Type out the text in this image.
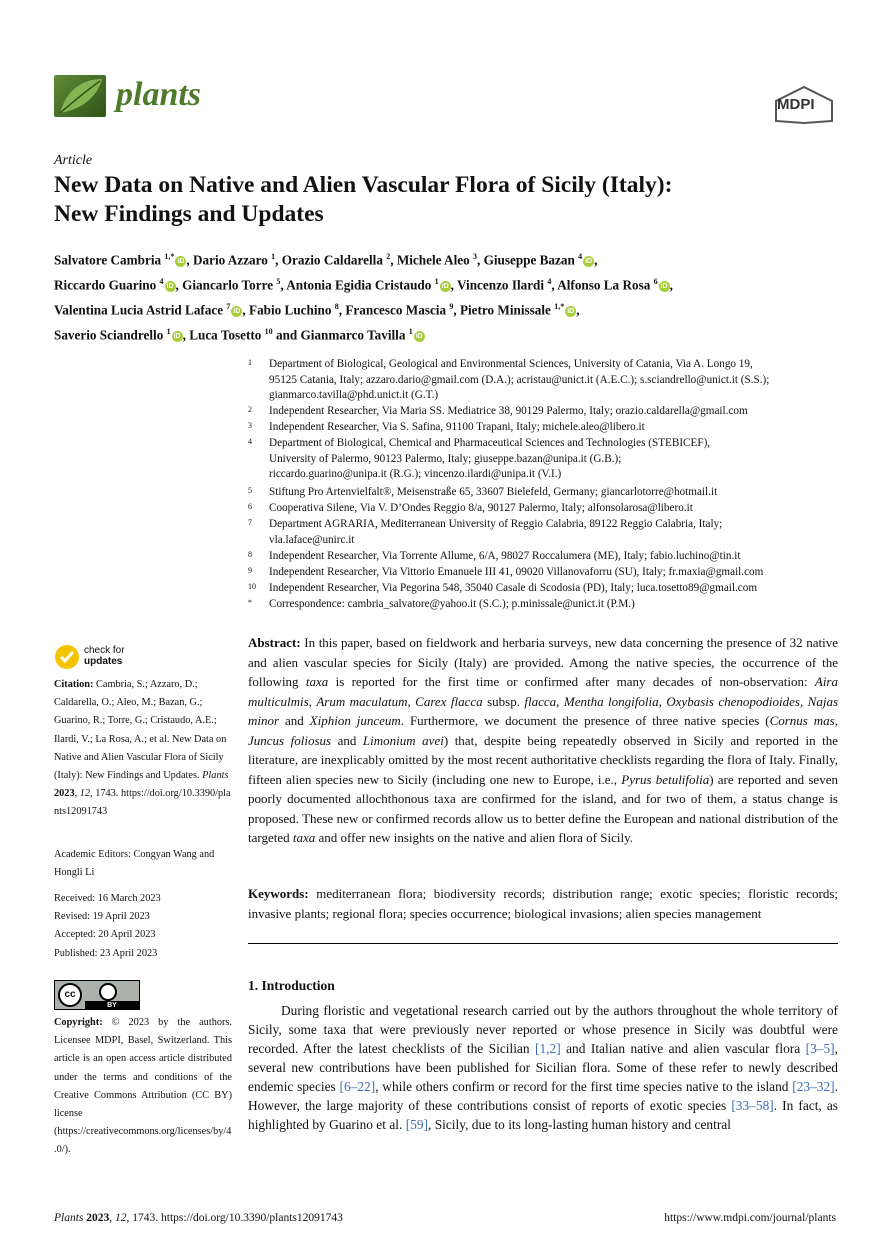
plants	MDPI
Article
New Data on Native and Alien Vascular Flora of Sicily (Italy):
New Findings and Updates
Salvatore Cambria $^{1,*}$iD , Dario Azzaro $^1$, Orazio Caldarella $^2$, Michele Aleo $^3$, Giuseppe Bazan $^4$iD ,
Riccardo Guarino $^4$iD , Giancarlo Torre $^5$, Antonia Egidia Cristaudo $^1$iD , Vincenzo Ilardi $^4$, Alfonso La Rosa $^6$iD ,
Valentina Lucia Astrid Laface $^7$iD , Fabio Luchino $^8$, Francesco Mascia $^9$, Pietro Minissale $^{1,*}$iD ,
Saverio Sciandrello $^1$iD , Luca Tosetto $^{10}$ and Gianmarco Tavilla $^1$iD
1 Department of Biological, Geological and Environmental Sciences, University of Catania, Via A. Longo 19,
95125 Catania, Italy; azzaro.dario@gmail.com (D.A.); acristau@unict.it (A.E.C.); s.sciandrello@unict.it (S.S.);
gianmarco.tavilla@phd.unict.it (G.T.)
2 Independent Researcher, Via Maria SS. Mediatrice 38, 90129 Palermo, Italy; orazio.caldarella@gmail.com
3 Independent Researcher, Via S. Safina, 91100 Trapani, Italy; michele.aleo@libero.it
4 Department of Biological, Chemical and Pharmaceutical Sciences and Technologies (STEBICEF),
University of Palermo, 90123 Palermo, Italy; giuseppe.bazan@unipa.it (G.B.);
riccardo.guarino@unipa.it (R.G.); vincenzo.ilardi@unipa.it (V.I.)
5 Stiftung Pro Artenvielfalt®, Meisenstraße 65, 33607 Bielefeld, Germany; giancarlotorre@hotmail.it
6 Cooperativa Silene, Via V. D’Ondes Reggio 8/a, 90127 Palermo, Italy; alfonsolarosa@libero.it
7 Department AGRARIA, Mediterranean University of Reggio Calabria, 89122 Reggio Calabria, Italy;
vla.laface@unirc.it
8 Independent Researcher, Via Torrente Allume, 6/A, 98027 Roccalumera (ME), Italy; fabio.luchino@tin.it
9 Independent Researcher, Via Vittorio Emanuele III 41, 09020 Villanovaforru (SU), Italy; fr.maxia@gmail.com
10 Independent Researcher, Via Pegorina 548, 35040 Casale di Scodosia (PD), Italy; luca.tosetto89@gmail.com
* Correspondence: cambria_salvatore@yahoo.it (S.C.); p.minissale@unict.it (P.M.)
check for
updates
Citation: Cambria, S.; Azzaro, D.; Caldarella, O.; Aleo, M.; Bazan, G.; Guarino, R.; Torre, G.; Cristaudo, A.E.; Ilardi, V.; La Rosa, A.; et al. New Data on Native and Alien Vascular Flora of Sicily (Italy): New Findings and Updates. Plants 2023, 12, 1743. https://doi.org/10.3390/plants12091743
Academic Editors: Congyan Wang and Hongli Li
Received: 16 March 2023
Revised: 19 April 2023
Accepted: 20 April 2023
Published: 23 April 2023
cc
BY
Copyright: © 2023 by the authors. Licensee MDPI, Basel, Switzerland. This article is an open access article distributed under the terms and conditions of the Creative Commons Attribution (CC BY) license (https://creativecommons.org/licenses/by/4.0/).
Abstract: In this paper, based on fieldwork and herbaria surveys, new data concerning the presence of 32 native and alien vascular species for Sicily (Italy) are provided. Among the native species, the occurrence of the following taxa is reported for the first time or confirmed after many decades of non-observation: Aira multiculmis, Arum maculatum, Carex flacca subsp. flacca, Mentha longifolia, Oxybasis chenopodioides, Najas minor and Xiphion junceum. Furthermore, we document the presence of three native species (Cornus mas, Juncus foliosus and Limonium avei) that, despite being repeatedly observed in Sicily and reported in the literature, are inexplicably omitted by the most recent authoritative checklists regarding the flora of Italy. Finally, fifteen alien species new to Sicily (including one new to Europe, i.e., Pyrus betulifolia) are reported and seven poorly documented allochthonous taxa are confirmed for the island, and for two of them, a status change is proposed. These new or confirmed records allow us to better define the European and national distribution of the targeted taxa and offer new insights on the native and alien flora of Sicily.
Keywords: mediterranean flora; biodiversity records; distribution range; exotic species; floristic records; invasive plants; regional flora; species occurrence; biological invasions; alien species management
1. Introduction
During floristic and vegetational research carried out by the authors throughout the whole territory of Sicily, some taxa that were previously never reported or whose presence in Sicily was doubtful were recorded. After the latest checklists of the Sicilian [1,2] and Italian native and alien vascular flora [3–5], several new contributions have been published for Sicilian flora. Some of these refer to newly described endemic species [6–22], while others confirm or record for the first time species native to the island [23–32]. However, the large majority of these contributions consist of reports of exotic species [33–58]. In fact, as highlighted by Guarino et al. [59], Sicily, due to its long-lasting human history and central
Plants 2023, 12, 1743. https://doi.org/10.3390/plants12091743	https://www.mdpi.com/journal/plants
